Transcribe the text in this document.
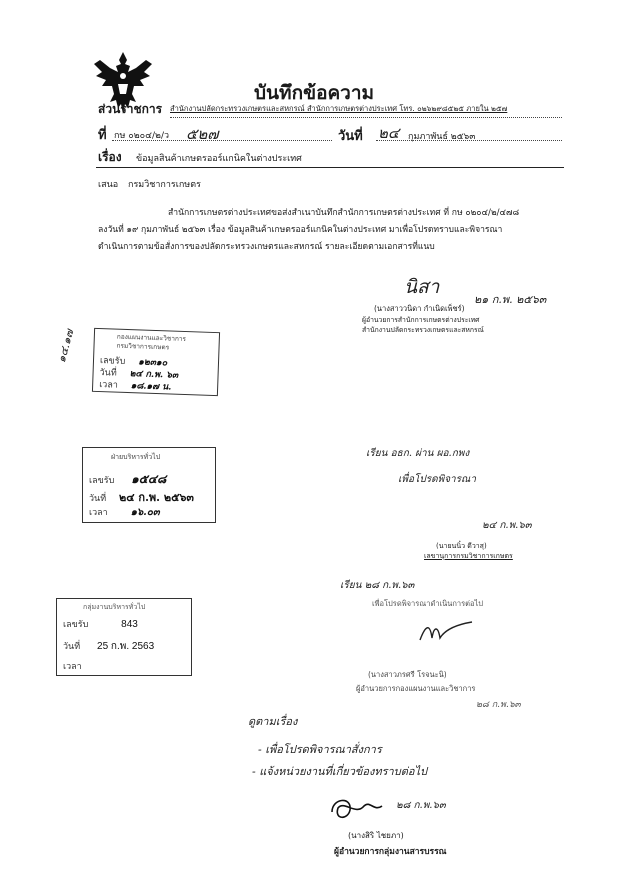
บันทึกข้อความ
ส่วนราชการ สำนักงานปลัดกระทรวงเกษตรและสหกรณ์ สำนักการเกษตรต่างประเทศ โทร. ๐๒๖๒๙๘๕๒๕ ภายใน ๒๕๗
ที่ กษ ๐๒๐๔/๒/ว ๕๒๗	วันที่ ๒๔ กุมภาพันธ์ ๒๕๖๓
เรื่อง ข้อมูลสินค้าเกษตรออร์แกนิคในต่างประเทศ
เสนอ กรมวิชาการเกษตร
สำนักการเกษตรต่างประเทศขอส่งสำเนาบันทึกสำนักการเกษตรต่างประเทศ ที่ กษ ๐๒๐๔/๒/๔๗๘
ลงวันที่ ๑๙ กุมภาพันธ์ ๒๕๖๓ เรื่อง ข้อมูลสินค้าเกษตรออร์แกนิคในต่างประเทศ มาเพื่อโปรดทราบและพิจารณา
ดำเนินการตามข้อสั่งการของปลัดกระทรวงเกษตรและสหกรณ์ รายละเอียดตามเอกสารที่แนบ
นิสา
๒๑ ก.พ. ๒๕๖๓
(นางสาววนิดา กำเนิดเพ็ชร์)
ผู้อำนวยการสำนักการเกษตรต่างประเทศ
สำนักงานปลัดกระทรวงเกษตรและสหกรณ์
๑๔.๑๗	กองแผนงานและวิชาการ
กรมวิชาการเกษตร
เลขรับ ๑๒๓๑๐
วันที่ ๒๔ ก.พ. ๖๓
เวลา ๑๘.๑๗ น.
เรียน อธก. ผ่าน ผอ.กพง
เพื่อโปรดพิจารณา
๒๔ ก.พ.๖๓
(นายนนิ๋ว ดีวาสุ)
เลขานุการกรมวิชาการเกษตร
ฝ่ายบริหารทั่วไป
เลขรับ ๑๕๔๘
วันที่ ๒๔ ก.พ. ๒๕๖๓
เวลา ๑๖.๐๓
เรียน ๒๘ ก.พ.๖๓
เพื่อโปรดพิจารณาดำเนินการต่อไป
(นางสาวภรศรี โรจนะนิ)
ผู้อำนวยการกองแผนงานและวิชาการ
๒๘ ก.พ.๖๓
กลุ่มงานบริหารทั่วไป
เลขรับ	843
วันที่ 25 ก.พ. 2563
เวลา
ดูตามเรื่อง
- เพื่อโปรดพิจารณาสั่งการ
- แจ้งหน่วยงานที่เกี่ยวข้องทราบต่อไป
๒๘ ก.พ.๖๓
(นางสิริ ไชยภา)
ผู้อำนวยการกลุ่มงานสารบรรณ
